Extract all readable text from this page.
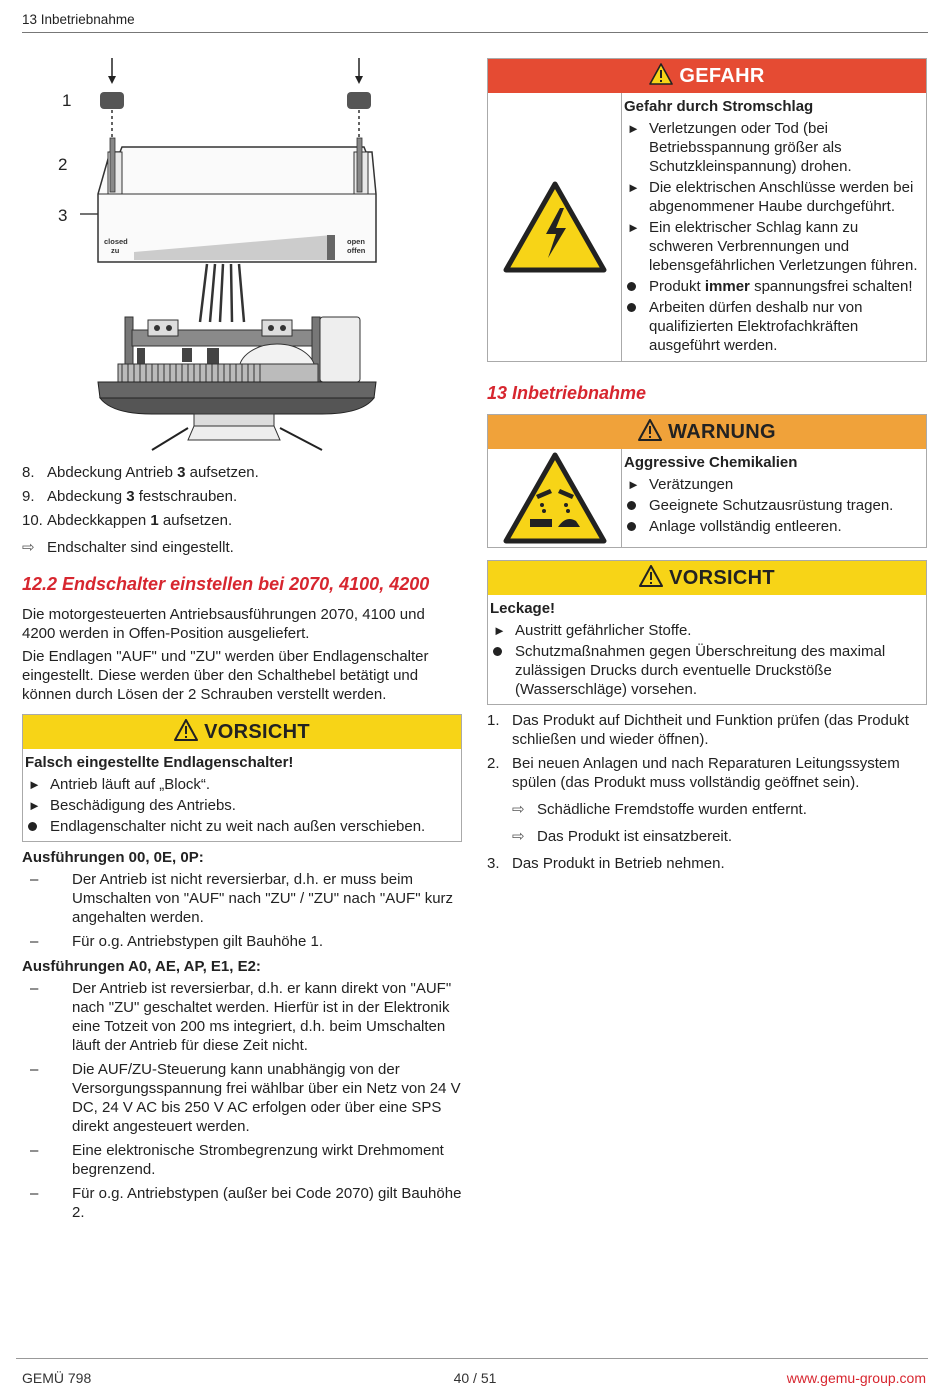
13 Inbetriebnahme
1
2
3
closed
zu
open
offen
8. Abdeckung Antrieb 3 aufsetzen.
9. Abdeckung 3 festschrauben.
10. Abdeckkappen 1 aufsetzen.
⇨ Endschalter sind eingestellt.
12.2 Endschalter einstellen bei 2070, 4100, 4200

Die motorgesteuerten Antriebsausführungen 2070, 4100 und 4200 werden in Offen-Position ausgeliefert.

Die Endlagen "AUF" und "ZU" werden über Endlagenschalter eingestellt. Diese werden über den Schalthebel betätigt und können durch Lösen der 2 Schrauben verstellt werden.

VORSICHT
Falsch eingestellte Endlagenschalter!
► Antrieb läuft auf „Block“.
► Beschädigung des Antriebs.
Endlagenschalter nicht zu weit nach außen verschieben.
Ausführungen 00, 0E, 0P:
– Der Antrieb ist nicht reversierbar, d.h. er muss beim Umschalten von "AUF" nach "ZU" / "ZU" nach "AUF" kurz angehalten werden.
– Für o.g. Antriebstypen gilt Bauhöhe 1.
Ausführungen A0, AE, AP, E1, E2:
– Der Antrieb ist reversierbar, d.h. er kann direkt von "AUF" nach "ZU" geschaltet werden. Hierfür ist in der Elektronik eine Totzeit von 200 ms integriert, d.h. beim Umschalten läuft der Antrieb für diese Zeit nicht.
– Die AUF/ZU-Steuerung kann unabhängig von der Versorgungsspannung frei wählbar über ein Netz von 24 V DC, 24 V AC bis 250 V AC erfolgen oder über eine SPS direkt angesteuert werden.
– Eine elektronische Strombegrenzung wirkt Drehmoment begrenzend.
– Für o.g. Antriebstypen (außer bei Code 2070) gilt Bauhöhe 2.
GEFAHR
Gefahr durch Stromschlag
► Verletzungen oder Tod (bei Betriebsspannung größer als Schutzkleinspannung) drohen.
► Die elektrischen Anschlüsse werden bei abgenommener Haube durchgeführt.
► Ein elektrischer Schlag kann zu schweren Verbrennungen und lebensgefährlichen Verletzungen führen.
Produkt immer spannungsfrei schalten!
Arbeiten dürfen deshalb nur von qualifizierten Elektrofachkräften ausgeführt werden.
13 Inbetriebnahme
WARNUNG
Aggressive Chemikalien
► Verätzungen
Geeignete Schutzausrüstung tragen.
Anlage vollständig entleeren.
VORSICHT
Leckage!
► Austritt gefährlicher Stoffe.
Schutzmaßnahmen gegen Überschreitung des maximal zulässigen Drucks durch eventuelle Druckstöße (Wasserschläge) vorsehen.
1. Das Produkt auf Dichtheit und Funktion prüfen (das Produkt schließen und wieder öffnen).
2. Bei neuen Anlagen und nach Reparaturen Leitungssystem spülen (das Produkt muss vollständig geöffnet sein).
⇨ Schädliche Fremdstoffe wurden entfernt.
⇨ Das Produkt ist einsatzbereit.
3. Das Produkt in Betrieb nehmen.
GEMÜ 798	40 / 51	www.gemu-group.com
